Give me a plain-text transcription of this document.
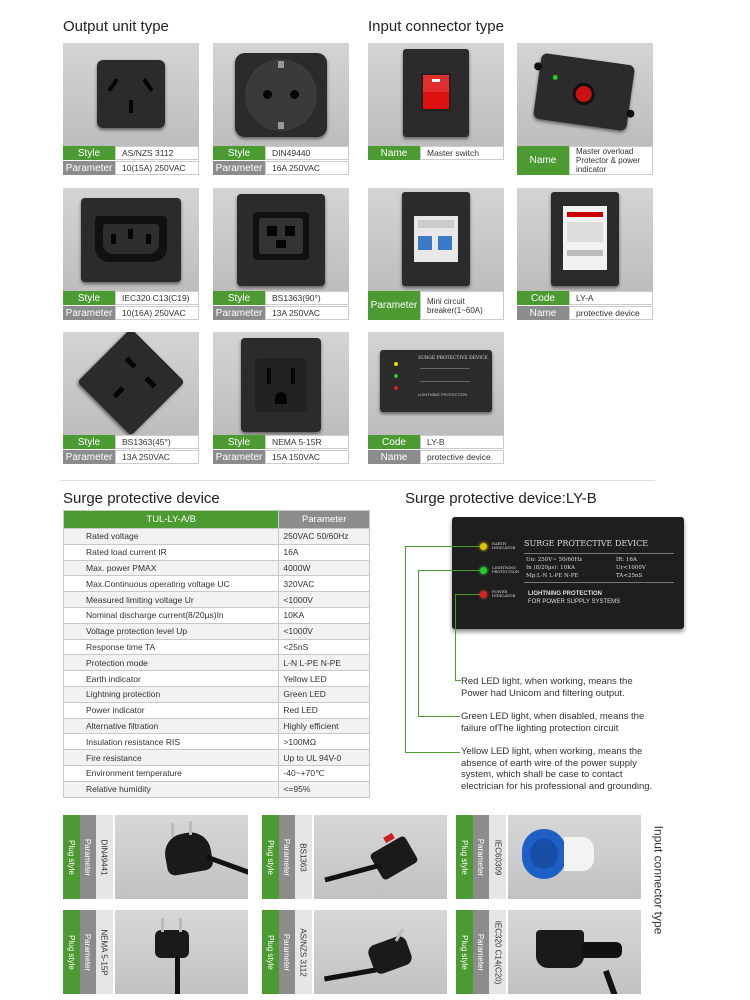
Output unit type	Input connector type
Style	AS/NZS 3112
Parameter	10(15A) 250VAC
Style	DIN49440
Parameter	16A 250VAC
Style	IEC320 C13(C19)
Parameter	10(16A) 250VAC
Style	BS1363(90°)
Parameter	13A 250VAC
Style	BS1363(45°)
Parameter	13A 250VAC
Style	NEMA 5-15R
Parameter	15A 150VAC
Name	Master switch
Name
Master overload Protector & power indicator
Parameter	Mini circuit breaker(1~60A)
Code	LY-A
Name	protective device
SURGE PROTECTIVE DEVICE
LIGHTNING PROTECTION
Code	LY-B
Name	protective device
Surge protective device	Surge protective device:LY-B
TUL-LY-A/B	Parameter
Rated voltage	250VAC 50/60Hz
Rated load current IR	16A
Max. power PMAX	4000W
Max.Continuous operating voltage UC	320VAC
Measured limiting voltage Ur	<1000V
Nominal discharge current(8/20µs)In	10KA
Voltage protection level Up	<1000V
Response time TA	<25nS
Protection mode	L-N L-PE N-PE
Earth indicator	Yellow LED
Lightning protection	Green LED
Power indicator	Red LED
Alternative filtration	Highly efficient
Insulation resistance RIS	>100MΩ
Fire resistance	Up to UL 94V-0
Environment temperature	-40~+70℃
Relative humidity	<=95%
SURGE PROTECTIVE DEVICE
EARTH INDICATOR
LIGHTNING PROTECTION
POWER INDICATOR
Un: 250V~ 50/60Hz
In (8/20µs): 10KA
Mp:L-N L-PE N-PE
IR: 16A
Ur<1000V
TA<25nS
LIGHTNING PROTECTION
FOR POWER SUPPLY SYSTEMS
Red LED light, when working, means the Power had Unicom and filtering output.
Green LED light, when disabled, means the failure ofThe lighting protection circuit
Yellow LED light, when working, means the absence of earth wire of the power supply system, which shall be case to contact electrician for his professional and grounding.
Plug style Parameter DIN49441	Plug style Parameter BS1363	Plug style Parameter IEC60309
Plug style Parameter NEMA 5-15P	Plug style Parameter AS/NZS 3112	Plug style Parameter IEC320 C14(C20)
Input connector type
